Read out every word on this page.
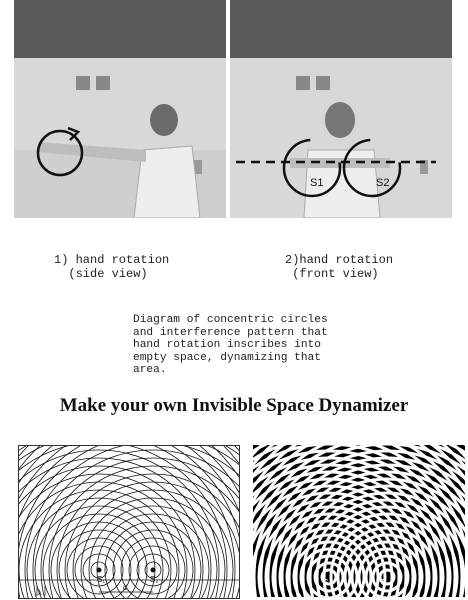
S1	S2
1) hand rotation
(side view)
2)hand rotation
(front view)
Diagram of concentric circles
and interference pattern that
hand rotation inscribes into
empty space, dynamizing that
area.
Make your own Invisible Space Dynamizer
S₁	S₂
λ
d
S₁	S₂
